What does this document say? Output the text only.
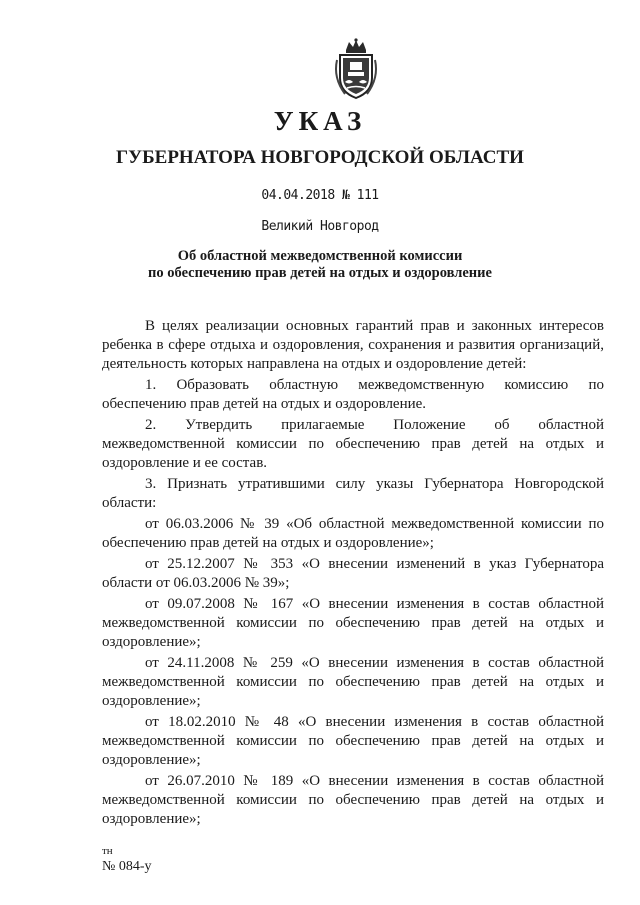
УКАЗ
ГУБЕРНАТОРА НОВГОРОДСКОЙ ОБЛАСТИ
04.04.2018 № 111
Великий Новгород
Об областной межведомственной комиссии
по обеспечению прав детей на отдых и оздоровление

В целях реализации основных гарантий прав и законных интересов ребенка в сфере отдыха и оздоровления, сохранения и развития организаций, деятельность которых направлена на отдых и оздоровление детей:

1. Образовать областную межведомственную комиссию по обеспечению прав детей на отдых и оздоровление.

2. Утвердить прилагаемые Положение об областной межведомственной комиссии по обеспечению прав детей на отдых и оздоровление и ее состав.

3. Признать утратившими силу указы Губернатора Новгородской области:

от 06.03.2006 № 39 «Об областной межведомственной комиссии по обеспечению прав детей на отдых и оздоровление»;

от 25.12.2007 № 353 «О внесении изменений в указ Губернатора области от 06.03.2006 № 39»;

от 09.07.2008 № 167 «О внесении изменения в состав областной межведомственной комиссии по обеспечению прав детей на отдых и оздоровление»;

от 24.11.2008 № 259 «О внесении изменения в состав областной межведомственной комиссии по обеспечению прав детей на отдых и оздоровление»;

от 18.02.2010 № 48 «О внесении изменения в состав областной межведомственной комиссии по обеспечению прав детей на отдых и оздоровление»;

от 26.07.2010 № 189 «О внесении изменения в состав областной межведомственной комиссии по обеспечению прав детей на отдых и оздоровление»;

тн
№ 084-у
